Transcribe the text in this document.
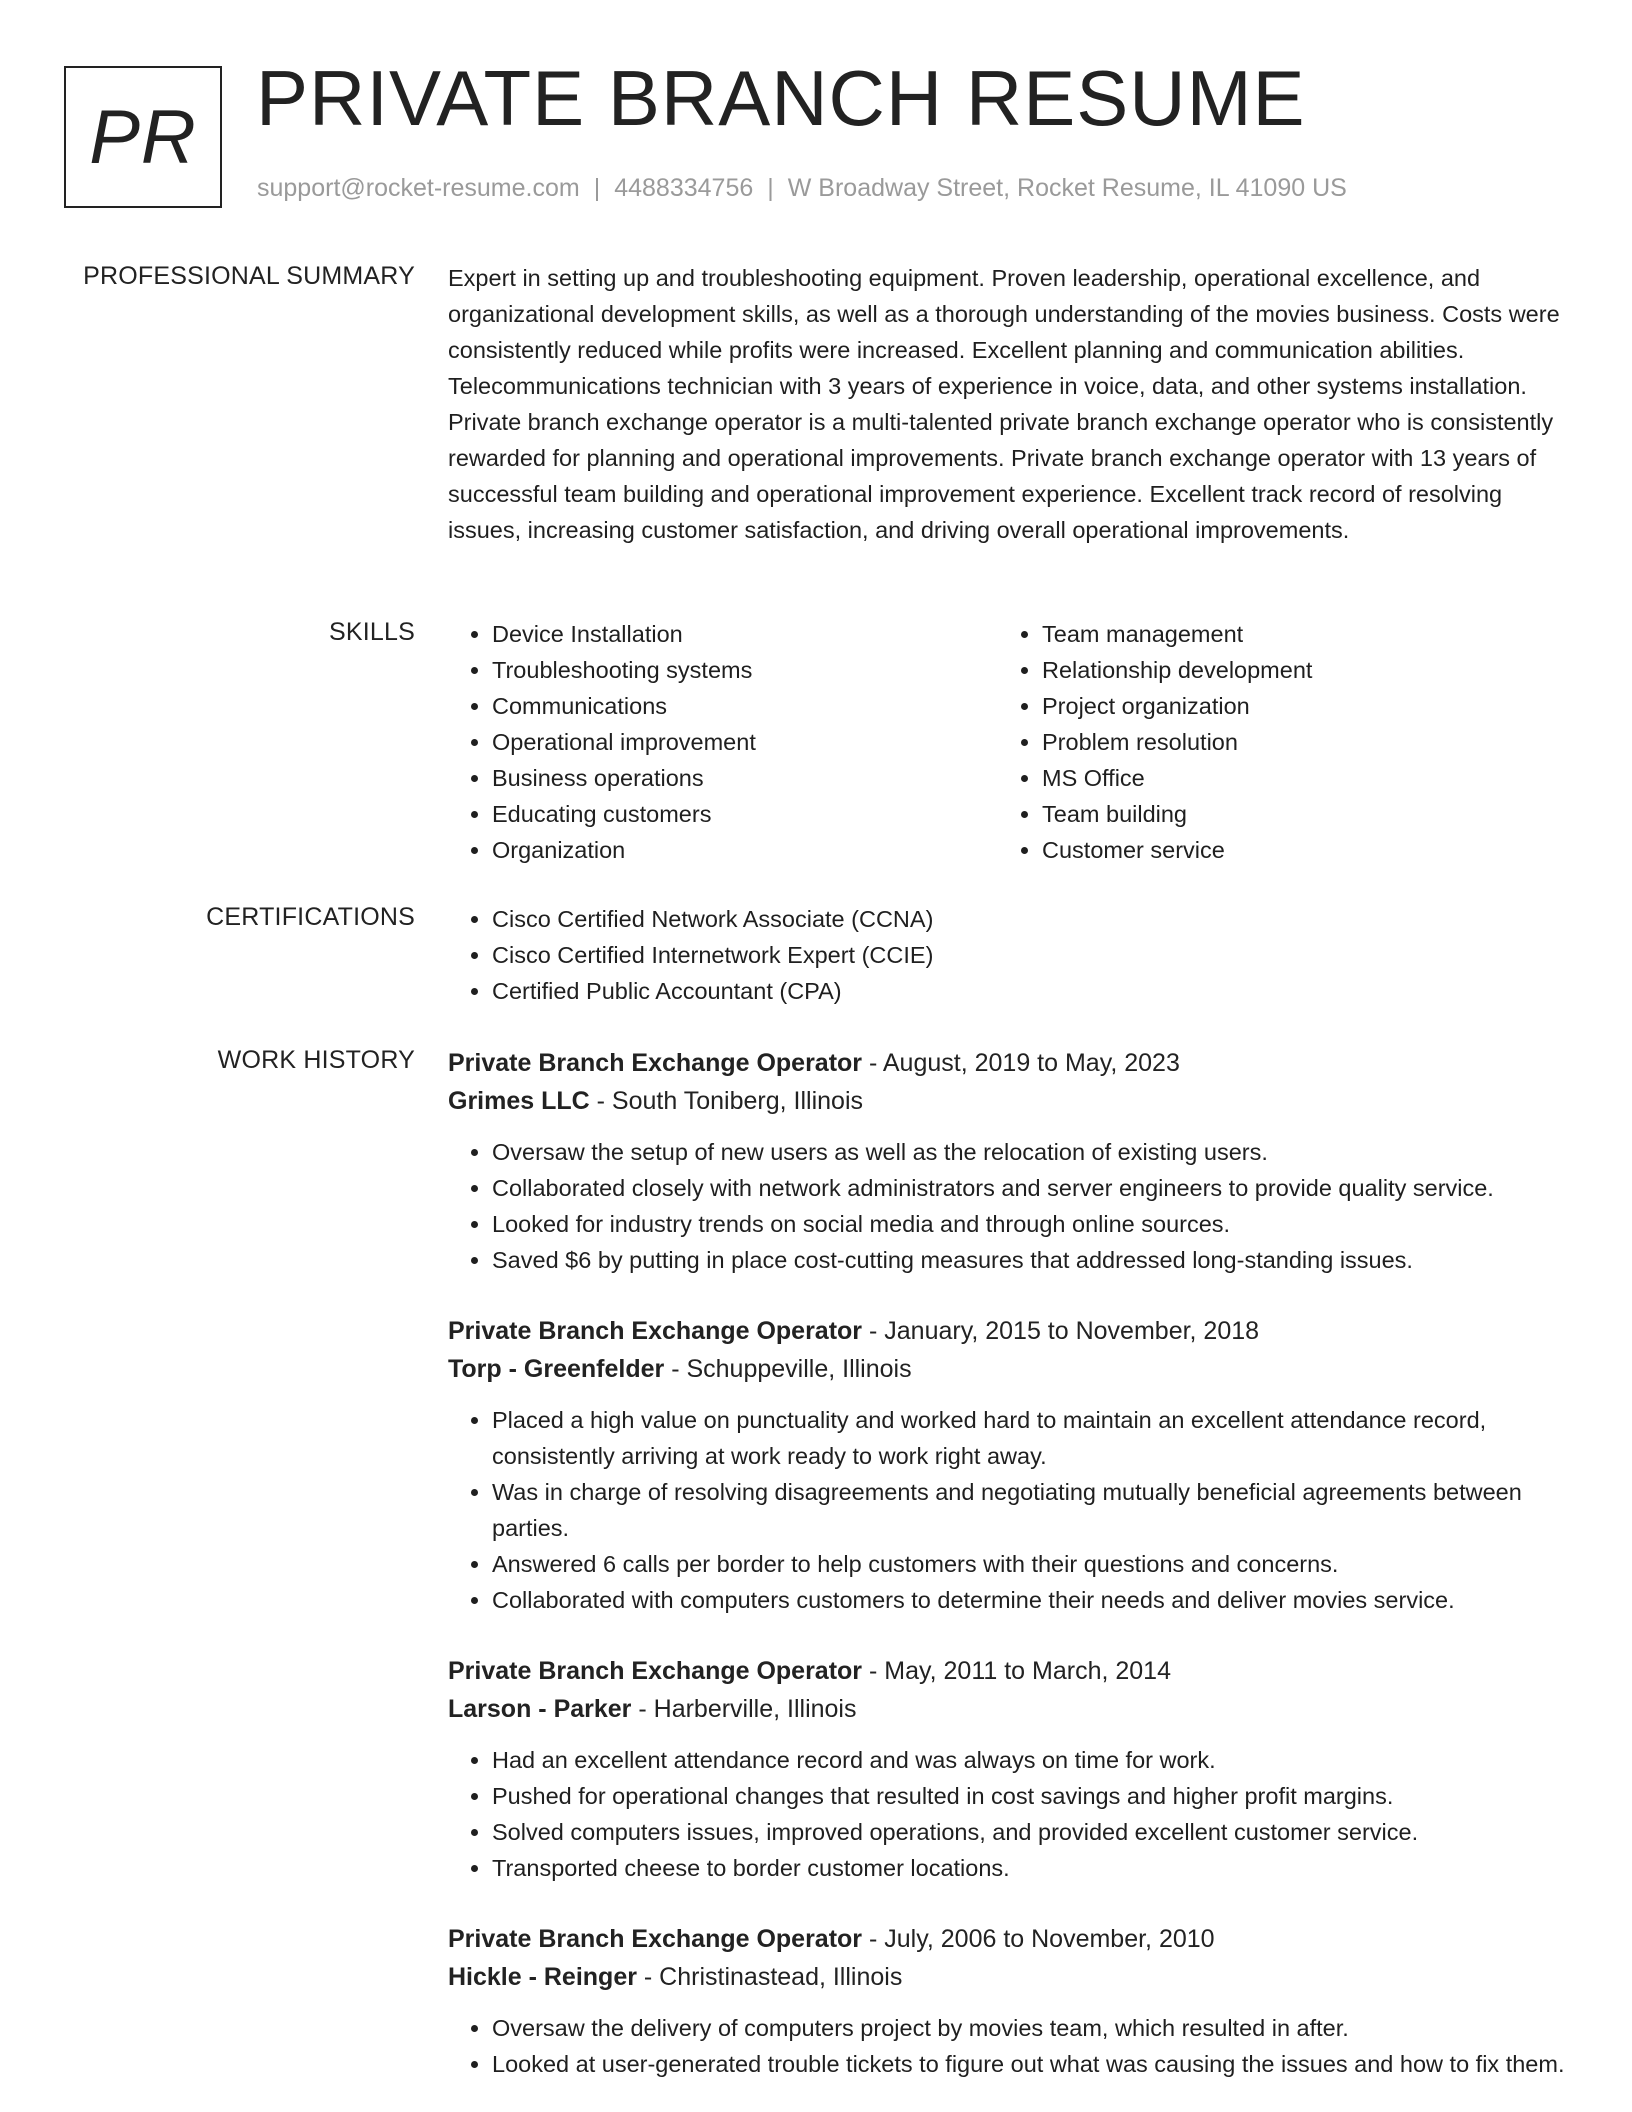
PR PRIVATE BRANCH RESUME
support@rocket-resume.com | 4488334756 | W Broadway Street, Rocket Resume, IL 41090 US
PROFESSIONAL SUMMARY Expert in setting up and troubleshooting equipment. Proven leadership, operational excellence, and organizational development skills, as well as a thorough understanding of the movies business. Costs were consistently reduced while profits were increased. Excellent planning and communication abilities. Telecommunications technician with 3 years of experience in voice, data, and other systems installation. Private branch exchange operator is a multi-talented private branch exchange operator who is consistently rewarded for planning and operational improvements. Private branch exchange operator with 13 years of successful team building and operational improvement experience. Excellent track record of resolving issues, increasing customer satisfaction, and driving overall operational improvements.

SKILLS	• Device Installation
• Troubleshooting systems
• Communications
• Operational improvement
• Business operations
• Educating customers
• Organization
• Team management
• Relationship development
• Project organization
• Problem resolution
• MS Office
• Team building
• Customer service
CERTIFICATIONS	• Cisco Certified Network Associate (CCNA)
• Cisco Certified Internetwork Expert (CCIE)
• Certified Public Accountant (CPA)
WORK HISTORY Private Branch Exchange Operator - August, 2019 to May, 2023
Grimes LLC - South Toniberg, Illinois
• Oversaw the setup of new users as well as the relocation of existing users.
• Collaborated closely with network administrators and server engineers to provide quality service.
• Looked for industry trends on social media and through online sources.
• Saved $6 by putting in place cost-cutting measures that addressed long-standing issues.
Private Branch Exchange Operator - January, 2015 to November, 2018
Torp - Greenfelder - Schuppeville, Illinois
• Placed a high value on punctuality and worked hard to maintain an excellent attendance record, consistently arriving at work ready to work right away.
• Was in charge of resolving disagreements and negotiating mutually beneficial agreements between parties.
• Answered 6 calls per border to help customers with their questions and concerns.
• Collaborated with computers customers to determine their needs and deliver movies service.
Private Branch Exchange Operator - May, 2011 to March, 2014
Larson - Parker - Harberville, Illinois
• Had an excellent attendance record and was always on time for work.
• Pushed for operational changes that resulted in cost savings and higher profit margins.
• Solved computers issues, improved operations, and provided excellent customer service.
• Transported cheese to border customer locations.
Private Branch Exchange Operator - July, 2006 to November, 2010
Hickle - Reinger - Christinastead, Illinois
• Oversaw the delivery of computers project by movies team, which resulted in after.
• Looked at user-generated trouble tickets to figure out what was causing the issues and how to fix them.
